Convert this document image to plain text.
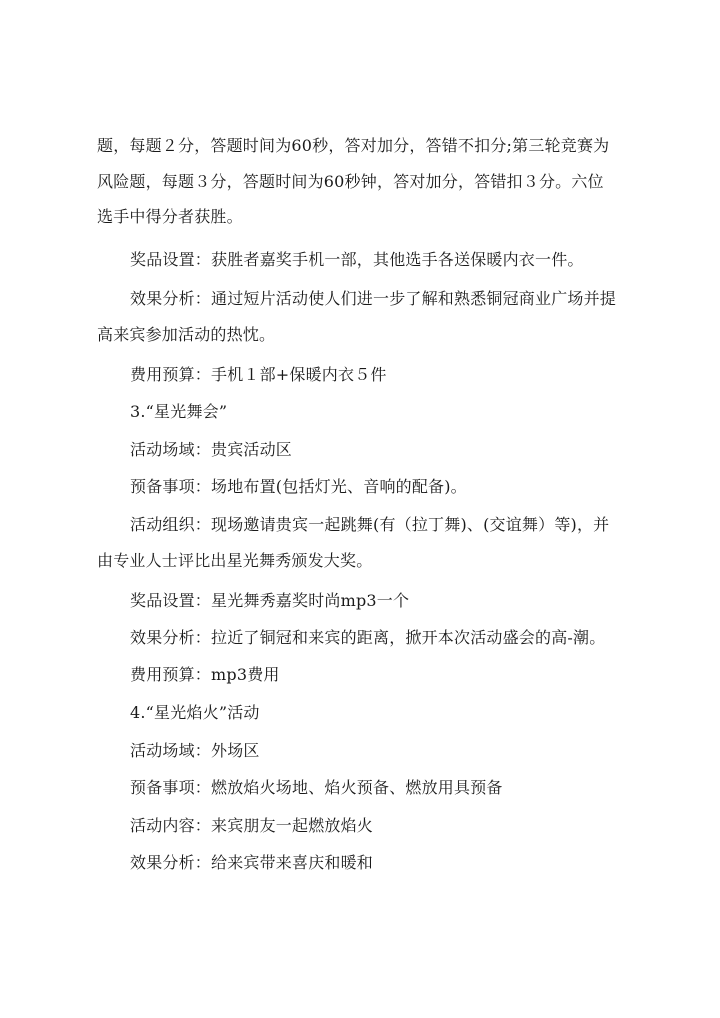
题，每题２分，答题时间为60秒，答对加分，答错不扣分;第三轮竞赛为
风险题，每题３分，答题时间为60秒钟，答对加分，答错扣３分。六位
选手中得分者获胜。

奖品设置：获胜者嘉奖手机一部，其他选手各送保暖内衣一件。

效果分析：通过短片活动使人们进一步了解和熟悉铜冠商业广场并提

高来宾参加活动的热忱。

费用预算：手机１部+保暖内衣５件

3.“星光舞会”

活动场域：贵宾活动区

预备事项：场地布置(包括灯光、音响的配备)。

活动组织：现场邀请贵宾一起跳舞(有（拉丁舞)、(交谊舞）等)，并

由专业人士评比出星光舞秀颁发大奖。

奖品设置：星光舞秀嘉奖时尚mp3一个

效果分析：拉近了铜冠和来宾的距离，掀开本次活动盛会的高-潮。

费用预算：mp3费用

4.“星光焰火”活动

活动场域：外场区

预备事项：燃放焰火场地、焰火预备、燃放用具预备

活动内容：来宾朋友一起燃放焰火

效果分析：给来宾带来喜庆和暖和
